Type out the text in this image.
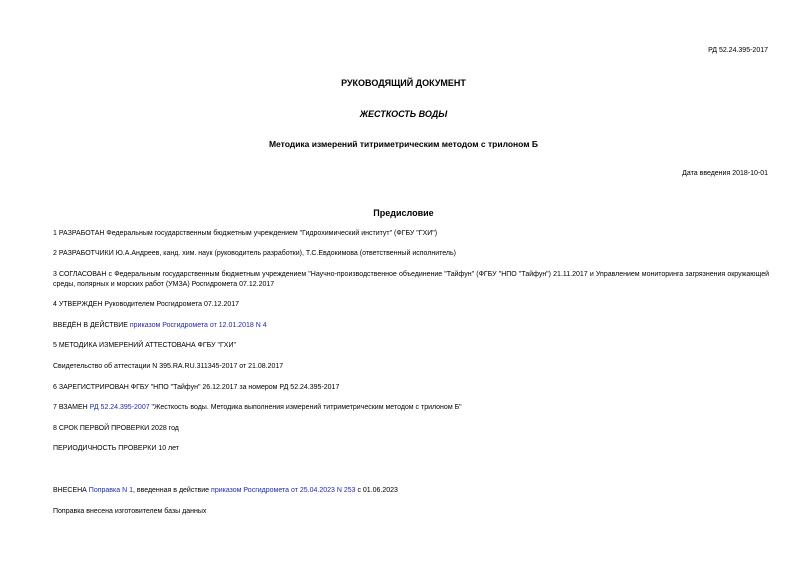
РД 52.24.395-2017
РУКОВОДЯЩИЙ ДОКУМЕНТ
ЖЕСТКОСТЬ ВОДЫ
Методика измерений титриметрическим методом с трилоном Б
Дата введения 2018-10-01
Предисловие
1 РАЗРАБОТАН Федеральным государственным бюджетным учреждением "Гидрохимический институт" (ФГБУ "ГХИ")
2 РАЗРАБОТЧИКИ Ю.А.Андреев, канд. хим. наук (руководитель разработки), Т.С.Евдокимова (ответственный исполнитель)
3 СОГЛАСОВАН с Федеральным государственным бюджетным учреждением "Научно-производственное объединение "Тайфун" (ФГБУ "НПО "Тайфун") 21.11.2017 и Управлением мониторинга загрязнения окружающей среды, полярных и морских работ (УМЗА) Росгидромета 07.12.2017
4 УТВЕРЖДЕН Руководителем Росгидромета 07.12.2017
ВВЕДЁН В ДЕЙСТВИЕ приказом Росгидромета от 12.01.2018 N 4
5 МЕТОДИКА ИЗМЕРЕНИЙ АТТЕСТОВАНА ФГБУ "ГХИ"
Свидетельство об аттестации N 395.RA.RU.311345-2017 от 21.08.2017
6 ЗАРЕГИСТРИРОВАН ФГБУ "НПО "Тайфун" 26.12.2017 за номером РД 52.24.395-2017
7 ВЗАМЕН РД 52.24.395-2007 "Жесткость воды. Методика выполнения измерений титриметрическим методом с трилоном Б"
8 СРОК ПЕРВОЙ ПРОВЕРКИ 2028 год
ПЕРИОДИЧНОСТЬ ПРОВЕРКИ 10 лет
ВНЕСЕНА Поправка N 1, введенная в действие приказом Росгидромета от 25.04.2023 N 253 с 01.06.2023
Поправка внесена изготовителем базы данных
